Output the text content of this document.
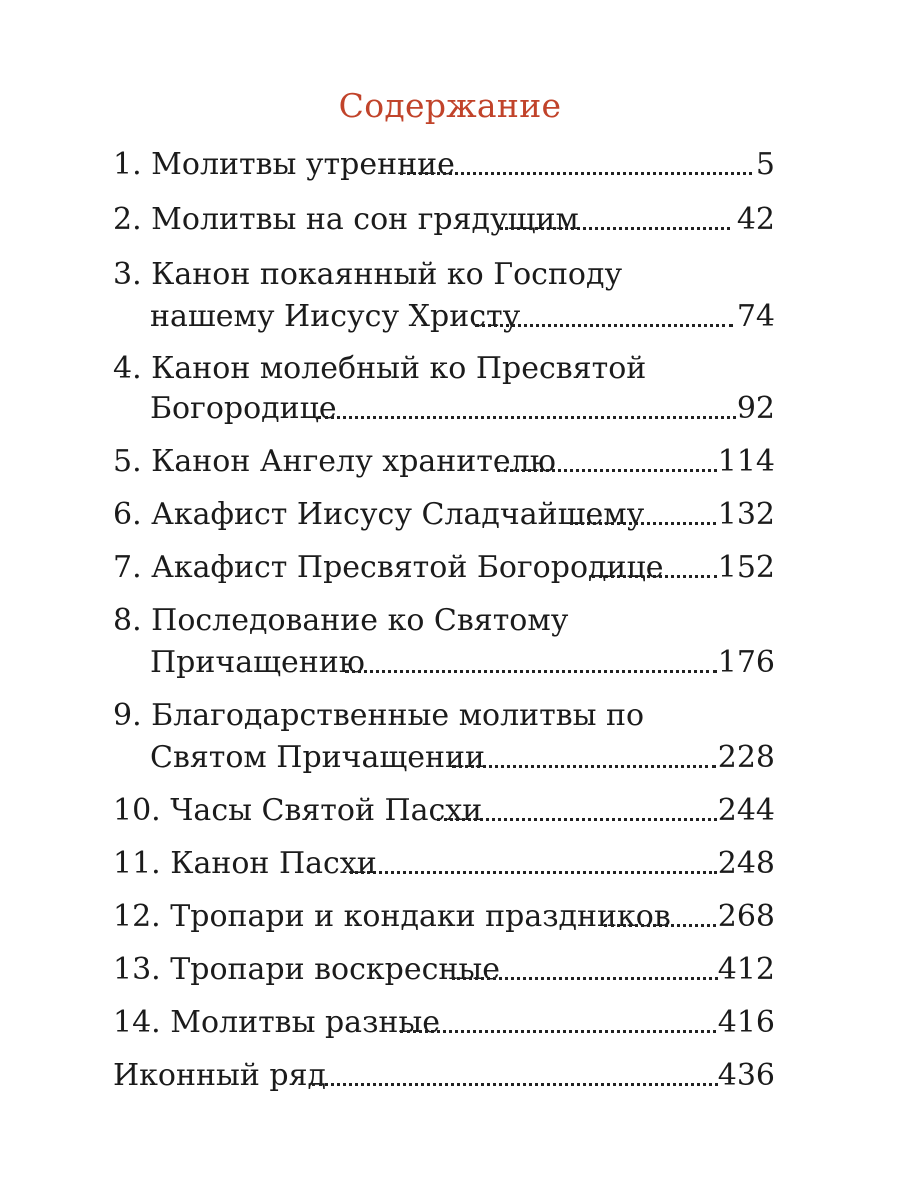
Содержание
1. Молитвы утренние	5
2. Молитвы на сон грядущим	42
3. Канон покаянный ко Господу
нашему Иисусу Христу	74
4. Канон молебный ко Пресвятой
Богородице	92
5. Канон Ангелу хранителю	114
6. Акафист Иисусу Сладчайшему 132
7. Акафист Пресвятой Богородице 152
8. Последование ко Святому
Причащению	176
9. Благодарственные молитвы по
Святом Причащении	228
10. Часы Святой Пасхи	244
11. Канон Пасхи	248
12. Тропари и кондаки праздников 268
13. Тропари воскресные	412
14. Молитвы разные	416
Иконный ряд	436
